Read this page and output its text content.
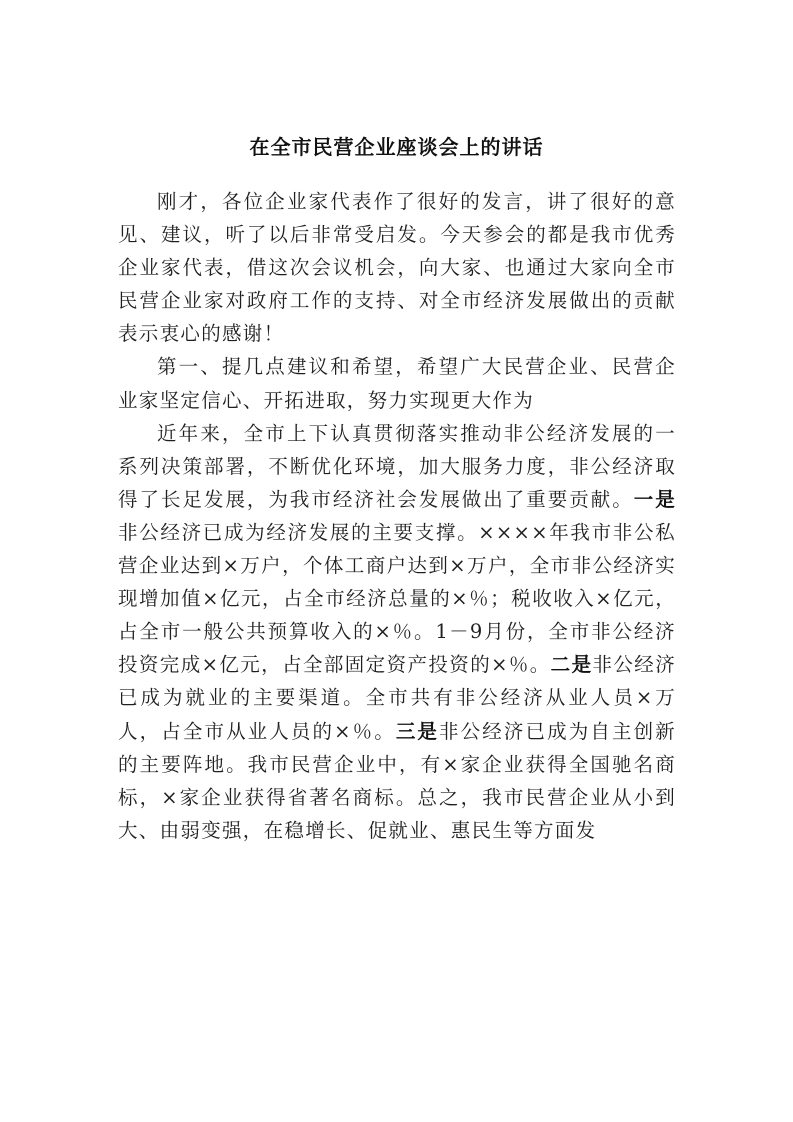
在全市民营企业座谈会上的讲话

刚才，各位企业家代表作了很好的发言，讲了很好的意见、建议，听了以后非常受启发。今天参会的都是我市优秀企业家代表，借这次会议机会，向大家、也通过大家向全市民营企业家对政府工作的支持、对全市经济发展做出的贡献表示衷心的感谢！

第一、提几点建议和希望，希望广大民营企业、民营企业家坚定信心、开拓进取，努力实现更大作为

近年来，全市上下认真贯彻落实推动非公经济发展的一系列决策部署，不断优化环境，加大服务力度，非公经济取得了长足发展，为我市经济社会发展做出了重要贡献。一是非公经济已成为经济发展的主要支撑。××××年我市非公私营企业达到×万户，个体工商户达到×万户，全市非公经济实现增加值×亿元，占全市经济总量的×％；税收收入×亿元，占全市一般公共预算收入的×％。1－9月份，全市非公经济投资完成×亿元，占全部固定资产投资的×％。二是非公经济已成为就业的主要渠道。全市共有非公经济从业人员×万人，占全市从业人员的×％。三是非公经济已成为自主创新的主要阵地。我市民营企业中，有×家企业获得全国驰名商标，×家企业获得省著名商标。总之，我市民营企业从小到大、由弱变强，在稳增长、促就业、惠民生等方面发
